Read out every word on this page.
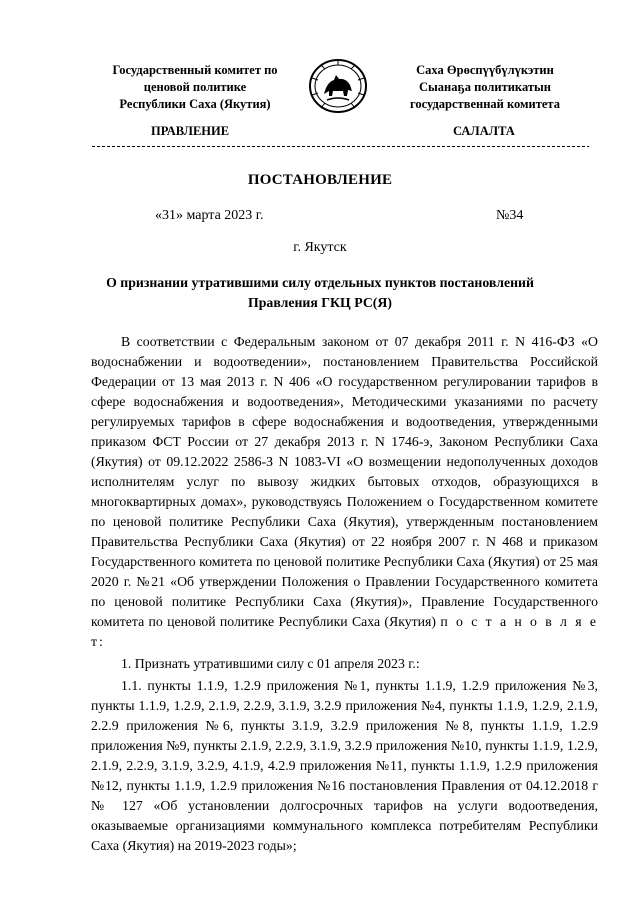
Государственный комитет по
ценовой политике
Республики Саха (Якутия)
Саха Өрөспүүбүлүкэтин
Сыанаҕа политикатын
государственнай комитета
ПРАВЛЕНИЕ	САЛАЛТА
ПОСТАНОВЛЕНИЕ
«31» марта 2023 г.	№34
г. Якутск
О признании утратившими силу отдельных пунктов постановлений
Правления ГКЦ РС(Я)

В соответствии с Федеральным законом от 07 декабря 2011 г. N 416-ФЗ «О водоснабжении и водоотведении», постановлением Правительства Российской Федерации от 13 мая 2013 г. N 406 «О государственном регулировании тарифов в сфере водоснабжения и водоотведения», Методическими указаниями по расчету регулируемых тарифов в сфере водоснабжения и водоотведения, утвержденными приказом ФСТ России от 27 декабря 2013 г. N 1746-э, Законом Республики Саха (Якутия) от 09.12.2022 2586-З N 1083-VI «О возмещении недополученных доходов исполнителям услуг по вывозу жидких бытовых отходов, образующихся в многоквартирных домах», руководствуясь Положением о Государственном комитете по ценовой политике Республики Саха (Якутия), утвержденным постановлением Правительства Республики Саха (Якутия) от 22 ноября 2007 г. N 468 и приказом Государственного комитета по ценовой политике Республики Саха (Якутия) от 25 мая 2020 г. №21 «Об утверждении Положения о Правлении Государственного комитета по ценовой политике Республики Саха (Якутия)», Правление Государственного комитета по ценовой политике Республики Саха (Якутия) п о с т а н о в л я е т:

1. Признать утратившими силу с 01 апреля 2023 г.:

1.1. пункты 1.1.9, 1.2.9 приложения №1, пункты 1.1.9, 1.2.9 приложения №3, пункты 1.1.9, 1.2.9, 2.1.9, 2.2.9, 3.1.9, 3.2.9 приложения №4, пункты 1.1.9, 1.2.9, 2.1.9, 2.2.9 приложения №6, пункты 3.1.9, 3.2.9 приложения №8, пункты 1.1.9, 1.2.9 приложения №9, пункты 2.1.9, 2.2.9, 3.1.9, 3.2.9 приложения №10, пункты 1.1.9, 1.2.9, 2.1.9, 2.2.9, 3.1.9, 3.2.9, 4.1.9, 4.2.9 приложения №11, пункты 1.1.9, 1.2.9 приложения №12, пункты 1.1.9, 1.2.9 приложения №16 постановления Правления от 04.12.2018 г № 127 «Об установлении долгосрочных тарифов на услуги водоотведения, оказываемые организациями коммунального комплекса потребителям Республики Саха (Якутия) на 2019-2023 годы»;
